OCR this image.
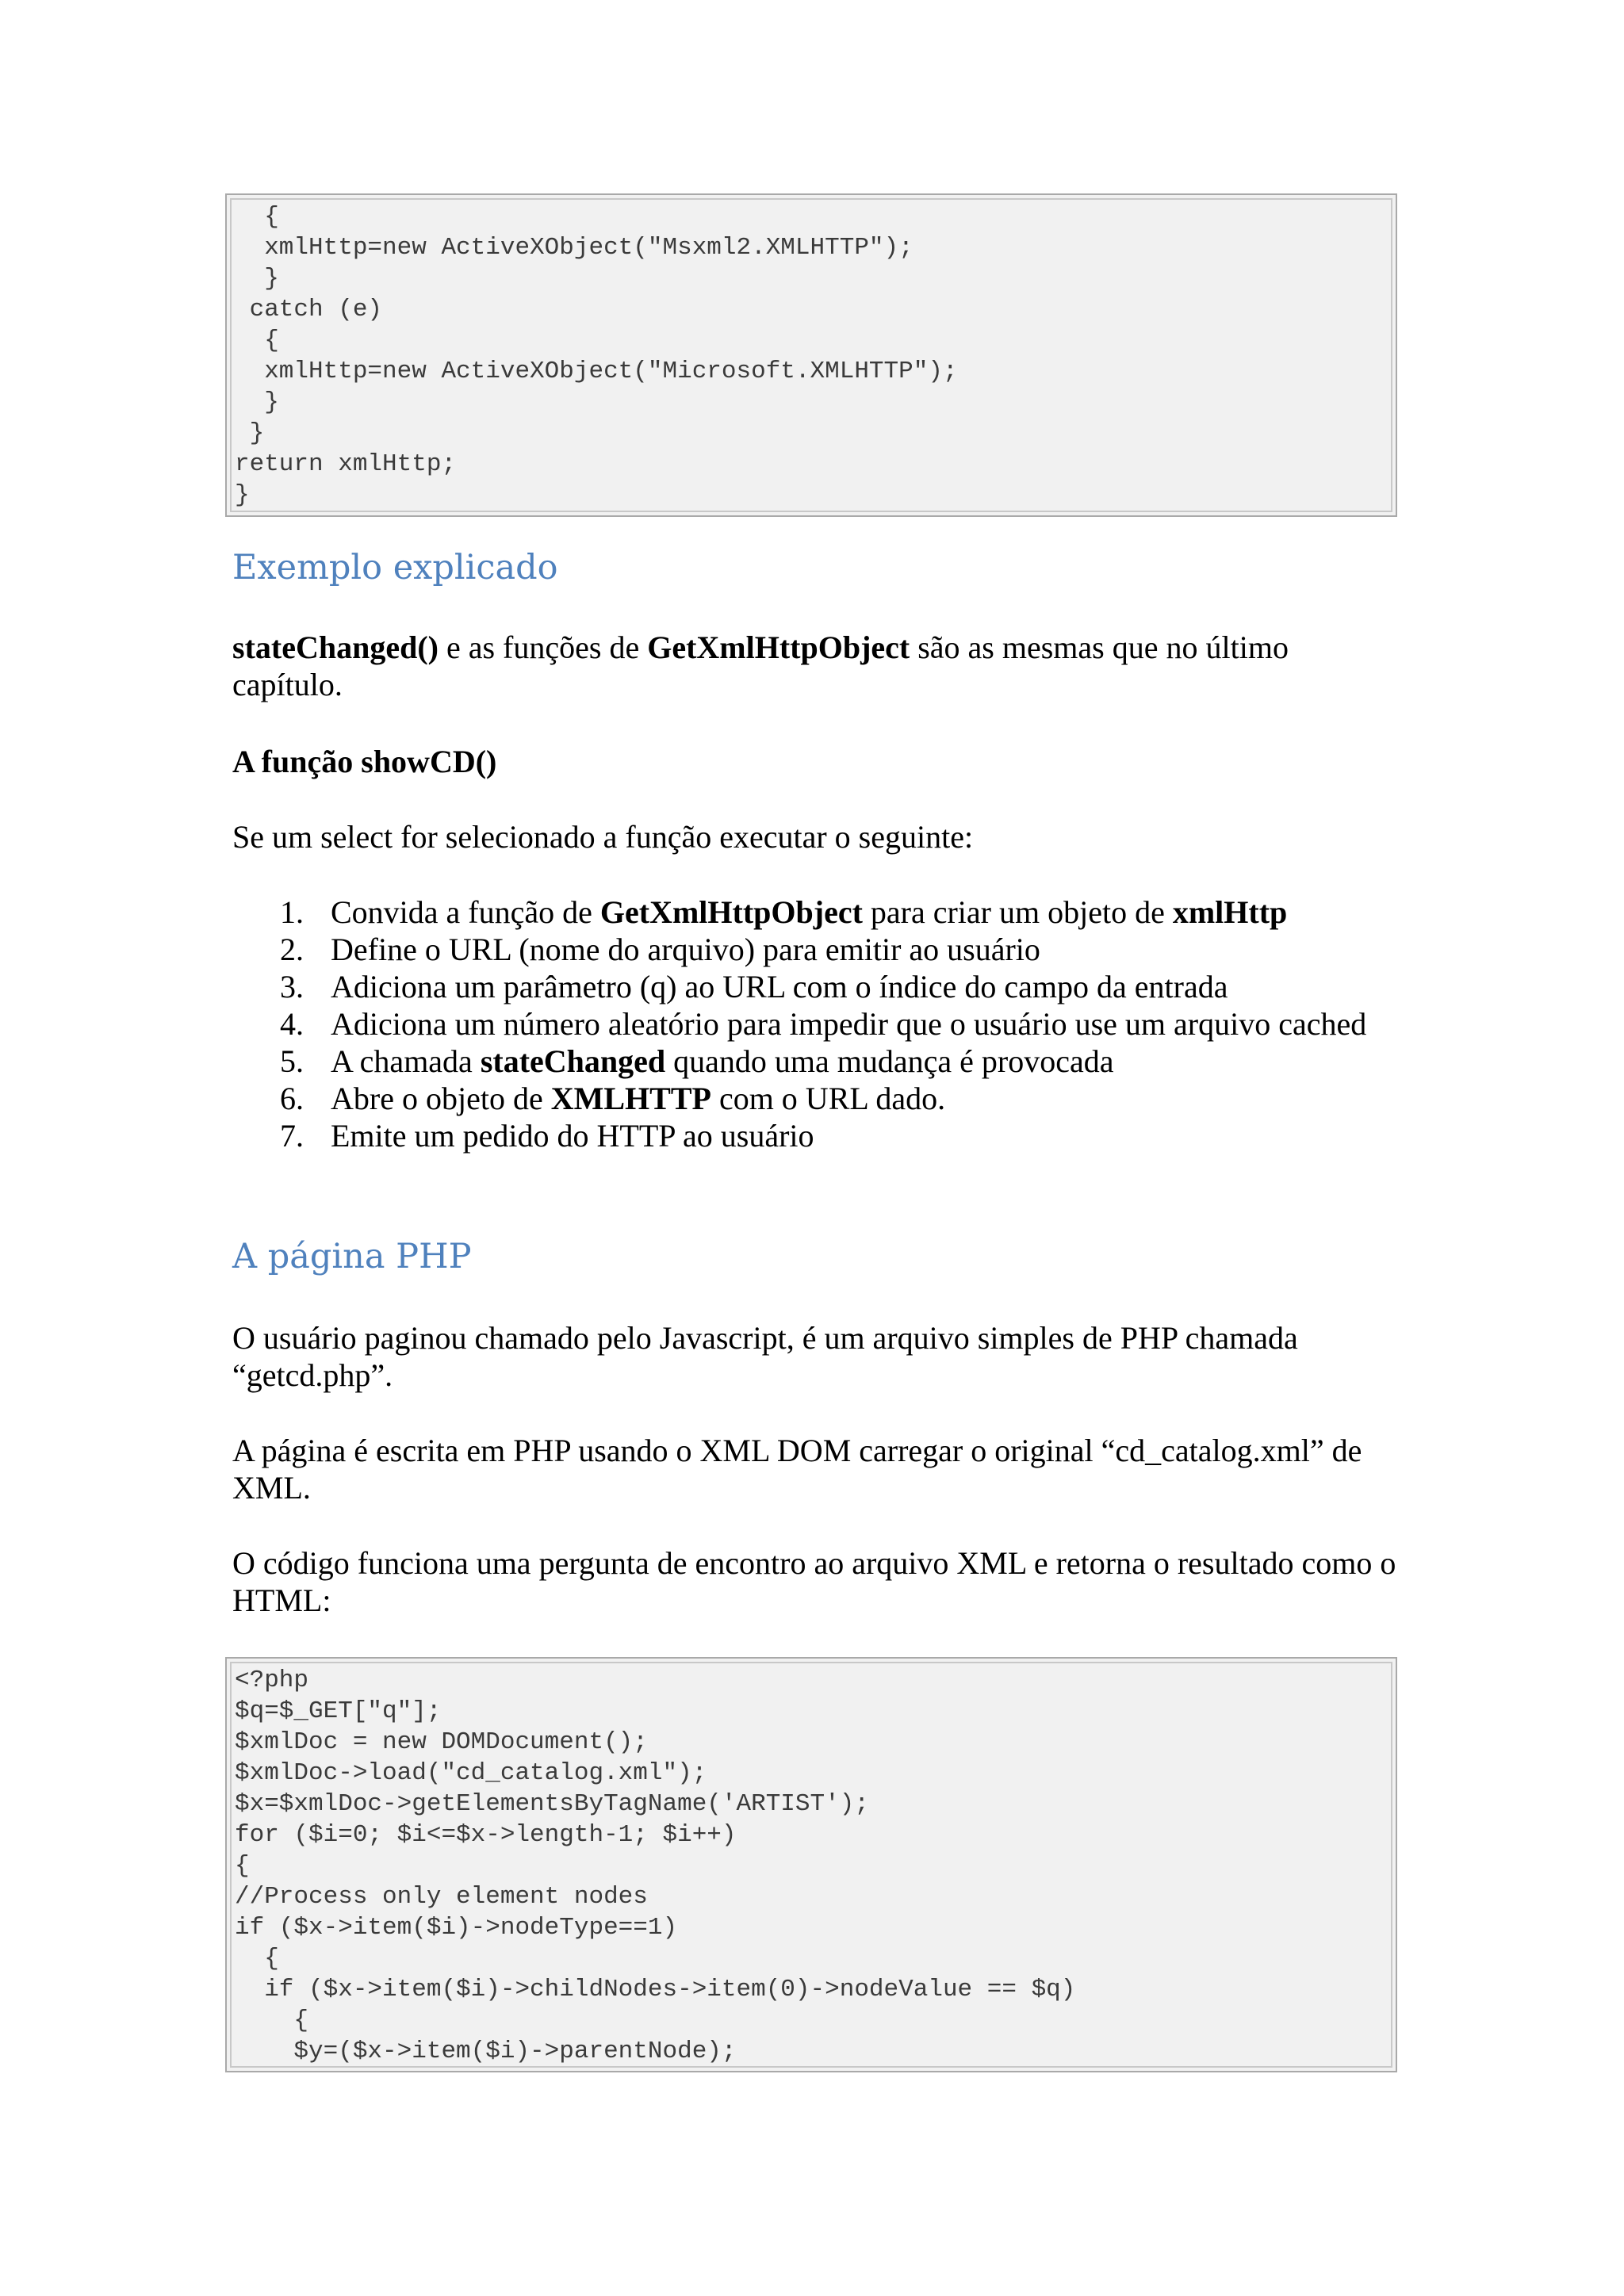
{
xmlHttp=new ActiveXObject("Msxml2.XMLHTTP");
}
catch (e)
{
xmlHttp=new ActiveXObject("Microsoft.XMLHTTP");
}
}
return xmlHttp;
}
Exemplo explicado

stateChanged() e as funções de GetXmlHttpObject são as mesmas que no último capítulo.

A função showCD()

Se um select for selecionado a função executar o seguinte:

1. Convida a função de GetXmlHttpObject para criar um objeto de xmlHttp
2. Define o URL (nome do arquivo) para emitir ao usuário
3. Adiciona um parâmetro (q) ao URL com o índice do campo da entrada
4. Adiciona um número aleatório para impedir que o usuário use um arquivo cached
5. A chamada stateChanged quando uma mudança é provocada
6. Abre o objeto de XMLHTTP com o URL dado.
7. Emite um pedido do HTTP ao usuário
A página PHP

O usuário paginou chamado pelo Javascript, é um arquivo simples de PHP chamada “getcd.php”.

A página é escrita em PHP usando o XML DOM carregar o original “cd_catalog.xml” de XML.

O código funciona uma pergunta de encontro ao arquivo XML e retorna o resultado como o HTML:

<?php
$q=$_GET["q"];
$xmlDoc = new DOMDocument();
$xmlDoc->load("cd_catalog.xml");
$x=$xmlDoc->getElementsByTagName('ARTIST');
for ($i=0; $i<=$x->length-1; $i++)
{
//Process only element nodes
if ($x->item($i)->nodeType==1)
{
if ($x->item($i)->childNodes->item(0)->nodeValue == $q)
{
$y=($x->item($i)->parentNode);
